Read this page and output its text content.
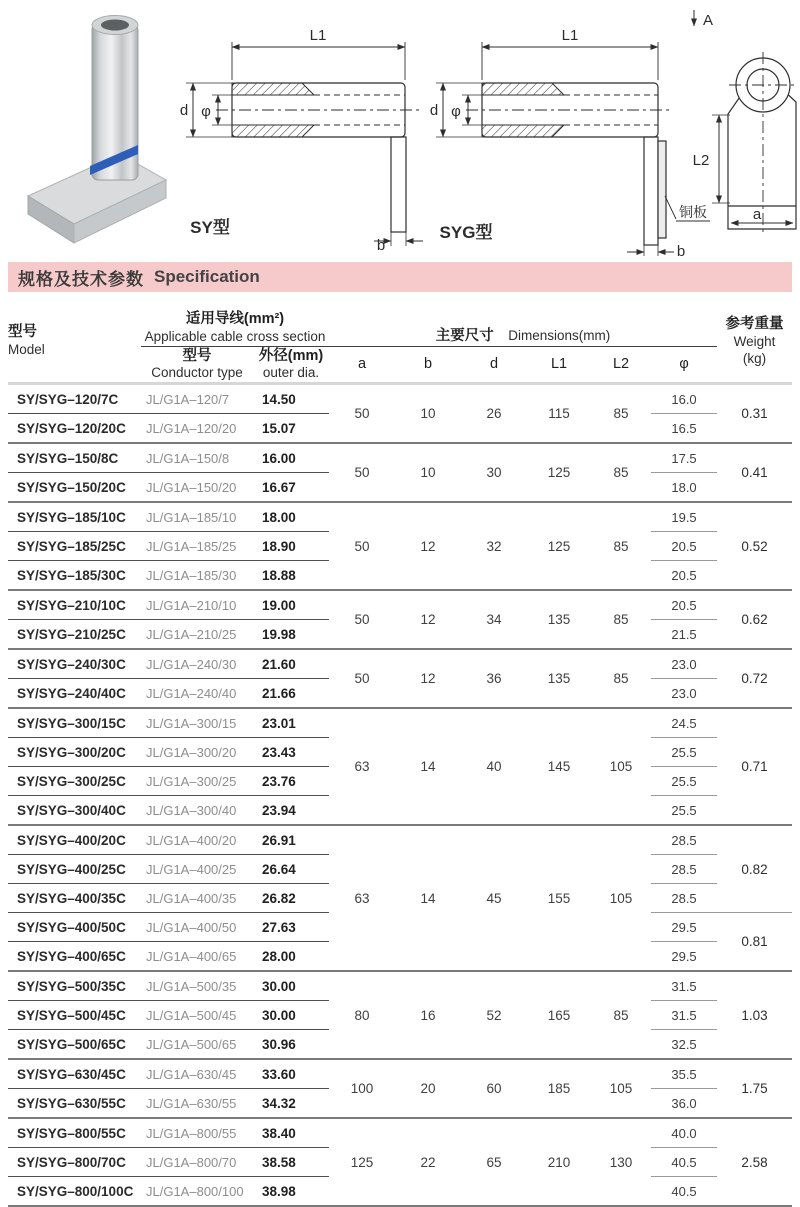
L1
d φ
b
SY型
L1
d φ
b
铜板
SYG型
A
L2
a
规格及技术参数 Specification
型号
Model

适用导线(mm²)
Applicable cable cross section	主要尺寸 Dimensions(mm)	
参考重量
Weight
(kg)

型号
Conductor type

外径(mm)
outer dia.
	a	b	d	L1	L2	φ
SY/SYG–120/7C	JL/G1A–120/7	14.50	50	10	26	115	85	16.0	0.31
SY/SYG–120/20C	JL/G1A–120/20	15.07						16.5	
SY/SYG–150/8C	JL/G1A–150/8	16.00	50	10	30	125	85	17.5	0.41
SY/SYG–150/20C	JL/G1A–150/20	16.67						18.0	
SY/SYG–185/10C	JL/G1A–185/10	18.00	50	12	32	125	85	19.5	0.52
SY/SYG–185/25C	JL/G1A–185/25	18.90						20.5	
SY/SYG–185/30C	JL/G1A–185/30	18.88						20.5	
SY/SYG–210/10C	JL/G1A–210/10	19.00	50	12	34	135	85	20.5	0.62
SY/SYG–210/25C	JL/G1A–210/25	19.98						21.5	
SY/SYG–240/30C	JL/G1A–240/30	21.60	50	12	36	135	85	23.0	0.72
SY/SYG–240/40C	JL/G1A–240/40	21.66						23.0	
SY/SYG–300/15C	JL/G1A–300/15	23.01	63	14	40	145	105	24.5	0.71
SY/SYG–300/20C	JL/G1A–300/20	23.43						25.5	
SY/SYG–300/25C	JL/G1A–300/25	23.76						25.5	
SY/SYG–300/40C	JL/G1A–300/40	23.94						25.5	
SY/SYG–400/20C	JL/G1A–400/20	26.91	63	14	45	155	105	28.5	0.82
SY/SYG–400/25C	JL/G1A–400/25	26.64						28.5	
SY/SYG–400/35C	JL/G1A–400/35	26.82						28.5	
SY/SYG–400/50C	JL/G1A–400/50	27.63						29.5	0.81
SY/SYG–400/65C	JL/G1A–400/65	28.00						29.5	
SY/SYG–500/35C	JL/G1A–500/35	30.00	80	16	52	165	85	31.5	1.03
SY/SYG–500/45C	JL/G1A–500/45	30.00						31.5	
SY/SYG–500/65C	JL/G1A–500/65	30.96						32.5	
SY/SYG–630/45C	JL/G1A–630/45	33.60	100	20	60	185	105	35.5	1.75
SY/SYG–630/55C	JL/G1A–630/55	34.32						36.0	
SY/SYG–800/55C	JL/G1A–800/55	38.40	125	22	65	210	130	40.0	2.58
SY/SYG–800/70C	JL/G1A–800/70	38.58						40.5	
SY/SYG–800/100C	JL/G1A–800/100	38.98						40.5	
